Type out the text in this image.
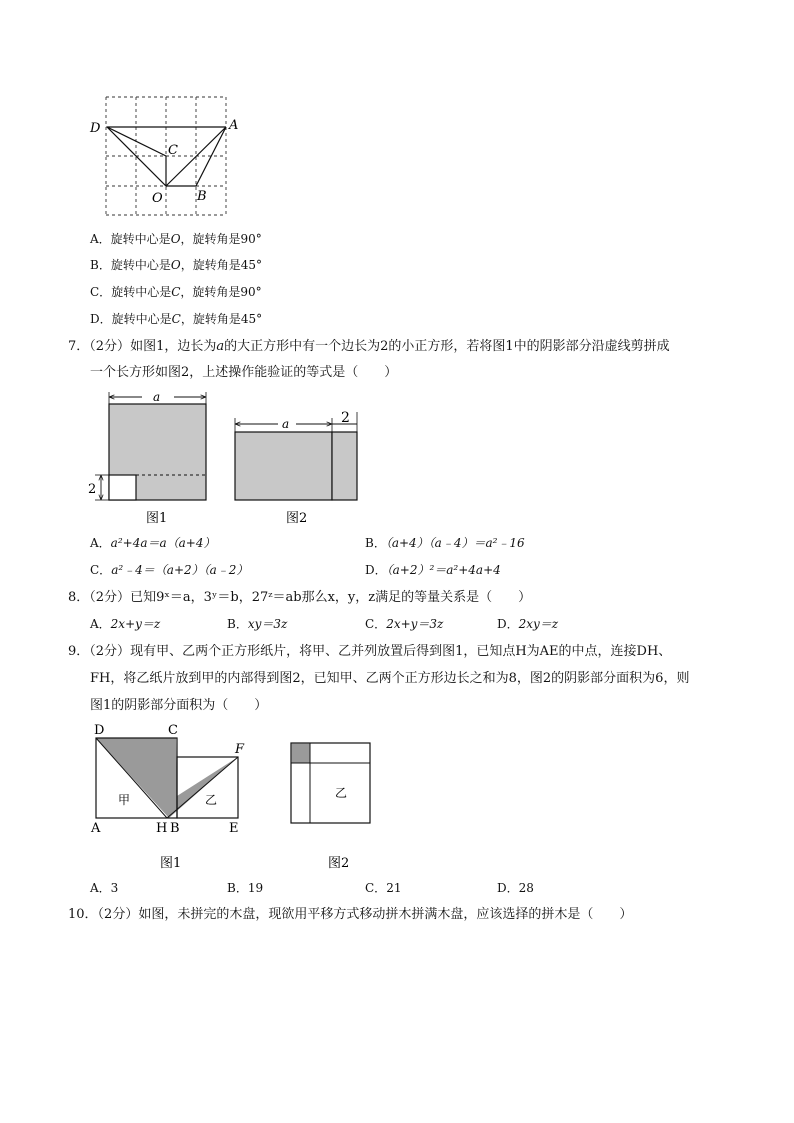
D	A
C
O	B
A．旋转中心是O，旋转角是90°
B．旋转中心是O，旋转角是45°
C．旋转中心是C，旋转角是90°
D．旋转中心是C，旋转角是45°
7．（2分）如图1，边长为a的大正方形中有一个边长为2的小正方形，若将图1中的阴影部分沿虚线剪拼成
一个长方形如图2，上述操作能验证的等式是（　　）
a
2
图1
a	2
图2
A．a²+4a＝a（a+4）	B．（a+4）（a﹣4）＝a²﹣16
C．a²﹣4＝（a+2）（a﹣2）	D．（a+2）²＝a²+4a+4
8．（2分）已知9ˣ＝a，3ʸ＝b，27ᶻ＝ab那么x，y，z满足的等量关系是（　　）
A．2x+y＝z	B．xy＝3z	C．2x+y＝3z	D．2xy＝z
9．（2分）现有甲、乙两个正方形纸片，将甲、乙并列放置后得到图1，已知点H为AE的中点，连接DH、
FH，将乙纸片放到甲的内部得到图2，已知甲、乙两个正方形边长之和为8，图2的阴影部分面积为6，则
图1的阴影部分面积为（　　）
D	C
F
A	H B	E
甲	乙
图1
乙
图2
A．3	B．19	C．21	D．28
10．（2分）如图，未拼完的木盘，现欲用平移方式移动拼木拼满木盘，应该选择的拼木是（　　）
